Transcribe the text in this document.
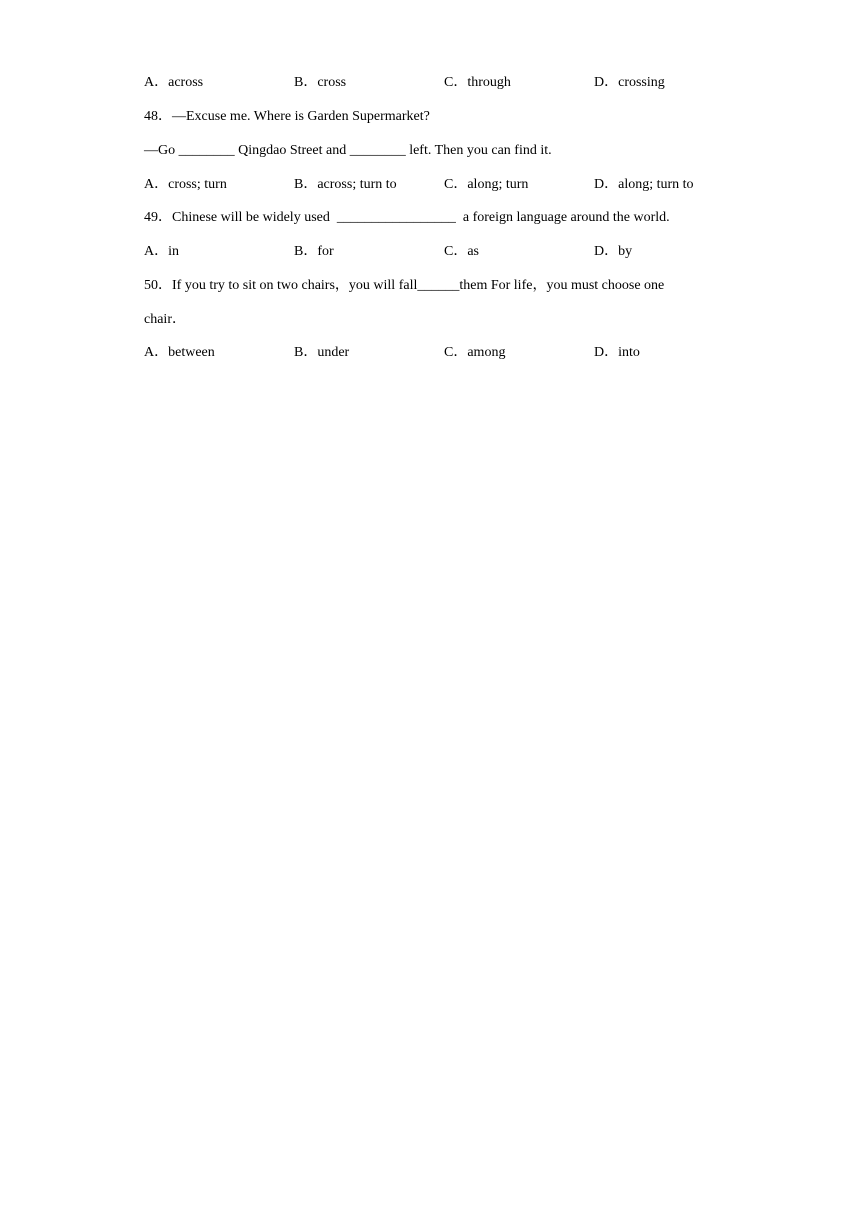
A．across	B．cross	C．through	D．crossing
48．—Excuse me. Where is Garden Supermarket?
—Go ________ Qingdao Street and ________ left. Then you can find it.
A．cross; turn	B．across; turn to	C．along; turn	D．along; turn to
49．Chinese will be widely used  _________________  a foreign language around the world.
A．in	B．for	C．as	D．by
50．If you try to sit on two chairs，you will fall______them For life，you must choose one
chair．
A．between	B．under	C．among	D．into
